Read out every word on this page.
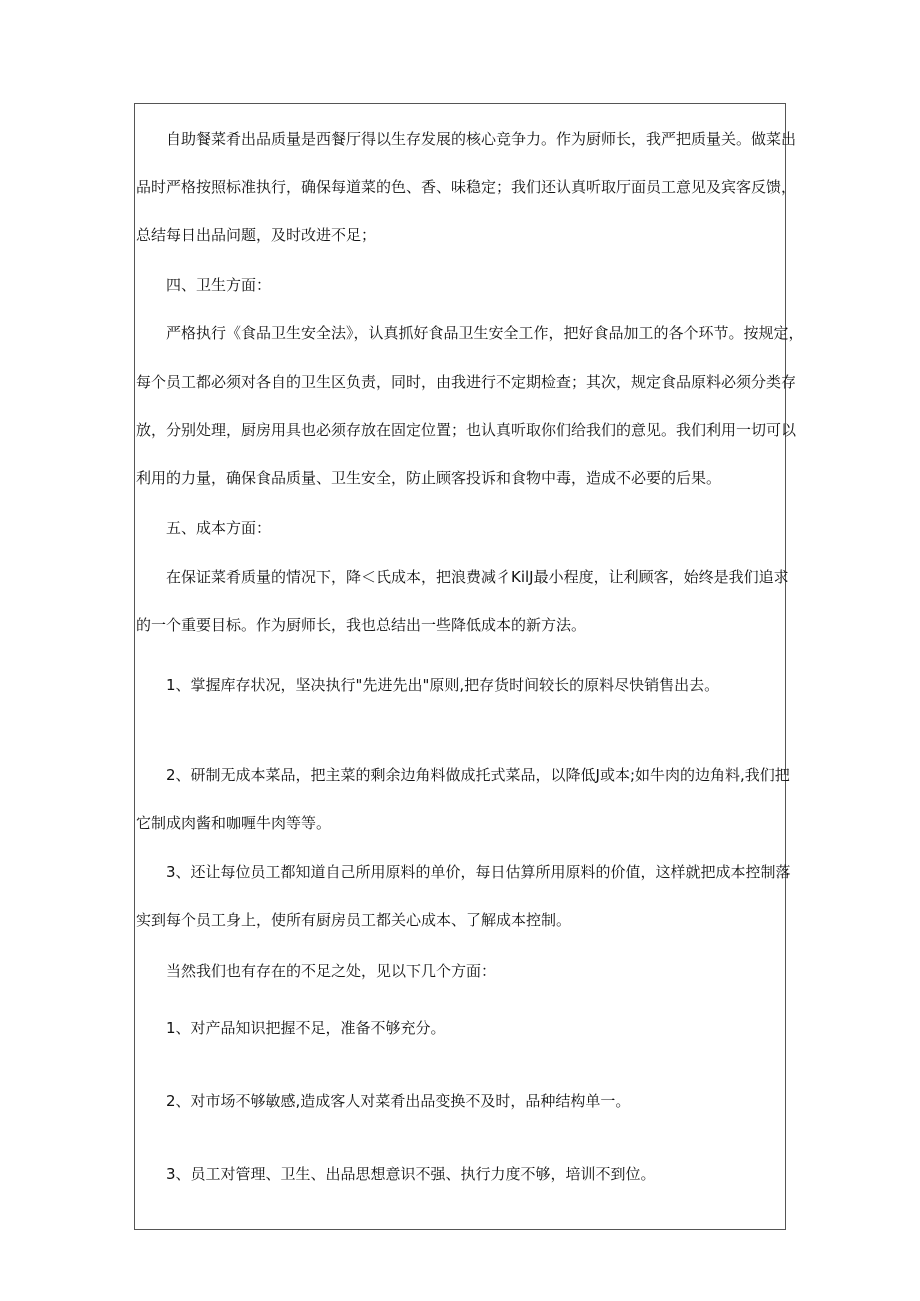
自助餐菜肴出品质量是西餐厅得以生存发展的核心竞争力。作为厨师长，我严把质量关。做菜出

品时严格按照标准执行，确保每道菜的色、香、味稳定；我们还认真听取厅面员工意见及宾客反馈，

总结每日出品问题，及时改进不足；

四、卫生方面：

严格执行《食品卫生安全法》，认真抓好食品卫生安全工作，把好食品加工的各个环节。按规定，

每个员工都必须对各自的卫生区负责，同时，由我进行不定期检查；其次，规定食品原料必须分类存

放，分别处理，厨房用具也必须存放在固定位置；也认真听取你们给我们的意见。我们利用一切可以

利用的力量，确保食品质量、卫生安全，防止顾客投诉和食物中毒，造成不必要的后果。

五、成本方面：

在保证菜肴质量的情况下，降＜氏成本，把浪费减彳KilJ最小程度，让利顾客，始终是我们追求

的一个重要目标。作为厨师长，我也总结出一些降低成本的新方法。

1、掌握库存状况，坚决执行"先进先出"原则,把存货时间较长的原料尽快销售出去。

2、研制无成本菜品，把主菜的剩余边角料做成托式菜品，以降低J或本;如牛肉的边角料,我们把

它制成肉酱和咖喱牛肉等等。

3、还让每位员工都知道自己所用原料的单价，每日估算所用原料的价值，这样就把成本控制落

实到每个员工身上，使所有厨房员工都关心成本、了解成本控制。

当然我们也有存在的不足之处，见以下几个方面：

1、对产品知识把握不足，准备不够充分。

2、对市场不够敏感,造成客人对菜肴出品变换不及时，品种结构单一。

3、员工对管理、卫生、出品思想意识不强、执行力度不够，培训不到位。
